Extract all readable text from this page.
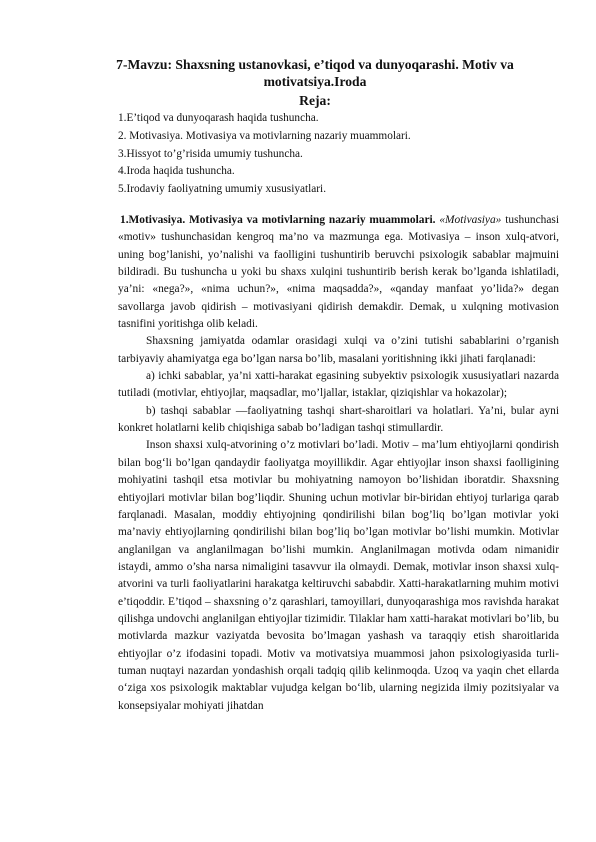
7-Mavzu: Shaxsning ustanovkasi, e’tiqod va dunyoqarashi. Motiv va
motivatsiya.Iroda
Reja:
1.E’tiqod va dunyoqarash haqida tushuncha.
2. Motivasiya. Motivasiya va motivlarning nazariy muammolari.
3.Hissyot to’g’risida umumiy tushuncha.
4.Iroda haqida tushuncha.
5.Irodaviy faoliyatning umumiy xususiyatlari.

1.Motivasiya. Motivasiya va motivlarning nazariy muammolari. «Motivasiya» tushunchasi «motiv» tushunchasidan kengroq ma’no va mazmunga ega. Motivasiya – inson xulq-atvori, uning bog’lanishi, yo’nalishi va faolligini tushuntirib beruvchi psixologik sabablar majmuini bildiradi. Bu tushuncha u yoki bu shaxs xulqini tushuntirib berish kerak bo’lganda ishlatiladi, ya’ni: «nega?», «nima uchun?», «nima maqsadda?», «qanday manfaat yo’lida?» degan savollarga javob qidirish – motivasiyani qidirish demakdir. Demak, u xulqning motivasion tasnifini yoritishga olib keladi.

Shaxsning jamiyatda odamlar orasidagi xulqi va o’zini tutishi sabablarini o’rganish tarbiyaviy ahamiyatga ega bo’lgan narsa bo’lib, masalani yoritishning ikki jihati farqlanadi:

a) ichki sabablar, ya’ni xatti-harakat egasining subyektiv psixologik xususiyatlari nazarda tutiladi (motivlar, ehtiyojlar, maqsadlar, mo’ljallar, istaklar, qiziqishlar va hokazolar);

b) tashqi sabablar —faoliyatning tashqi shart-sharoitlari va holatlari. Ya’ni, bular ayni konkret holatlarni kelib chiqishiga sabab bo’ladigan tashqi stimullardir.

Inson shaxsi xulq-atvorining o’z motivlari bo’ladi. Motiv – ma’lum ehtiyojlarni qondirish bilan bog‘li bo’lgan qandaydir faoliyatga moyillikdir. Agar ehtiyojlar inson shaxsi faolligining mohiyatini tashqil etsa motivlar bu mohiyatning namoyon bo’lishidan iboratdir. Shaxsning ehtiyojlari motivlar bilan bog’liqdir. Shuning uchun motivlar bir-biridan ehtiyoj turlariga qarab farqlanadi. Masalan, moddiy ehtiyojning qondirilishi bilan bog’liq bo’lgan motivlar yoki ma’naviy ehtiyojlarning qondirilishi bilan bog’liq bo’lgan motivlar bo’lishi mumkin. Motivlar anglanilgan va anglanilmagan bo’lishi mumkin. Anglanilmagan motivda odam nimanidir istaydi, ammo o’sha narsa nimaligini tasavvur ila olmaydi. Demak, motivlar inson shaxsi xulq-atvorini va turli faoliyatlarini harakatga keltiruvchi sababdir. Xatti-harakatlarning muhim motivi e’tiqoddir. E’tiqod – shaxsning o’z qarashlari, tamoyillari, dunyoqarashiga mos ravishda harakat qilishga undovchi anglanilgan ehtiyojlar tizimidir. Tilaklar ham xatti-harakat motivlari bo’lib, bu motivlarda mazkur vaziyatda bevosita bo’lmagan yashash va taraqqiy etish sharoitlarida ehtiyojlar o’z ifodasini topadi. Motiv va motivatsiya muammosi jahon psixologiyasida turli-tuman nuqtayi nazardan yondashish orqali tadqiq qilib kelinmoqda. Uzoq va yaqin chet ellarda o‘ziga xos psixologik maktablar vujudga kelgan bo‘lib, ularning negizida ilmiy pozitsiyalar va konsepsiyalar mohiyati jihatdan
